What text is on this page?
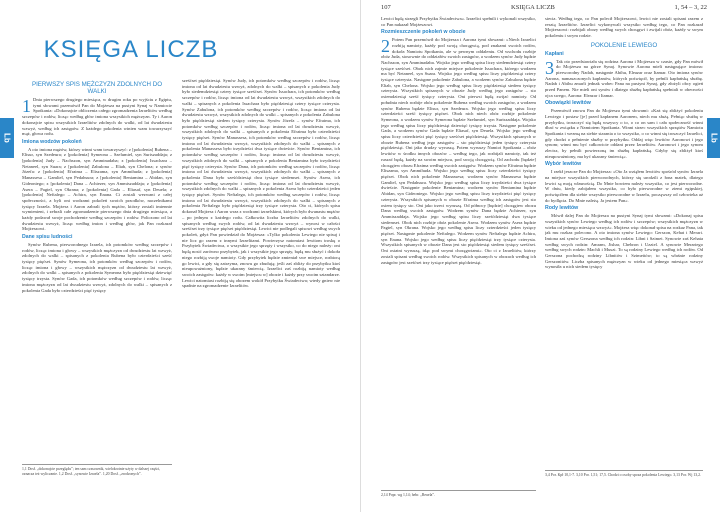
Lb
KSIĘGA LICZB
PIERWSZY SPIS MĘŻCZYZN ZDOLNYCH DO WALKI

1 Dnia pierwszego drugiego miesiąca, w drugim roku po wyjściu z Egiptu, tymi słowami przemówił Pan do Mojżesza na pustyni Synaj w Namiocie Spotkania: »Dokonajcie obliczenia całego zgromadzenia Izraelitów według szczepów i rodów, licząc według głów imiona wszystkich mężczyzn. Ty i Aaron dokonajcie spisu wszystkich Izraelitów zdolnych do walki, od lat dwudziestu wzwyż, według ich zastępów. Z każdego pokolenia winien wam towarzyszyć mąż, głowa rodu.

Imiona wodzów pokoleń

A oto imiona mężów, którzy winni wam towarzyszyć: z [pokolenia] Rubena – Elisur, syn Szedeura; z [pokolenia] Symeona – Szelumiel, syn Suriszaddaja; z [pokolenia] Judy – Nachszon, syn Amminadaba; z [pokolenia] Issachara – Netaneel, syn Suara; z [pokolenia] Zabulona – Eliab, syn Chelona; z synów Józefa: z [pokolenia] Efraima – Eliszama, syn Ammihuda; z [pokolenia] Manassesa – Gamliel, syn Pedahsura; z [pokolenia] Beniamina – Abidan, syn Gideoniego; z [pokolenia] Dana – Achiezer, syn Ammiszaddaja; z [pokolenia] Asera – Pagiel, syn Okrana; z [pokolenia] Gada – Eliasaf, syn Deuela; z [pokolenia] Neftalego – Achira, syn Enana. Ci zostali wezwani z całej społeczności, a byli oni wodzami pokoleń swoich przodków, naczelnikami tysięcy Izraela. Mojżesz i Aaron zabrali tych mężów, którzy zostali imiennie wymienieni, i zebrali całe zgromadzenie pierwszego dnia drugiego miesiąca, a każdy podawał swoje pochodzenie według szczepów i rodów. Policzono od lat dwudziestu wzwyż, licząc według imion i według głów, jak Pan rozkazał Mojżeszowi.

Dane spisu ludności

Synów Rubena, pierworodnego Izraela, ich potomków według szczepów i rodów, licząc imiona i głowy – wszystkich mężczyzn od dwudziestu lat wzwyż, zdolnych do walki – spisanych z pokolenia Rubena było czterdzieści sześć tysięcy pięćset. Synów Symeona, ich potomków według szczepów i rodów, licząc imiona i głowy – wszystkich mężczyzn od dwudziestu lat wzwyż, zdolnych do walki – spisanych z pokolenia Symeona było pięćdziesiąt dziewięć tysięcy trzysta. Synów Gada, ich potomków według szczepów i rodów, licząc imiona mężczyzn od lat dwudziestu wzwyż, zdolnych do walki – spisanych z pokolenia Gada było czterdzieści pięć tysięcy

sześćset pięćdziesiąt. Synów Judy, ich potomków według szczepów i rodów, licząc imiona od lat dwudziestu wzwyż, zdolnych do walki – spisanych z pokolenia Judy było siedemdziesiąt cztery tysiące sześćset. Synów Issachara, ich potomków według szczepów i rodów, licząc imiona od lat dwudziestu wzwyż, wszystkich zdolnych do walki – spisanych z pokolenia Issachara było pięćdziesiąt cztery tysiące czterysta. Synów Zabulona, ich potomków według szczepów i rodów, licząc imiona od lat dwudziestu wzwyż, wszystkich zdolnych do walki – spisanych z pokolenia Zabulona było pięćdziesiąt siedem tysięcy czterysta. Synów Józefa – synów Efraima, ich potomków według szczepów i rodów, licząc imiona od lat dwudziestu wzwyż, wszystkich zdolnych do walki – spisanych z pokolenia Efraima było czterdzieści tysięcy pięćset. Synów Manassesa, ich potomków według szczepów i rodów, licząc imiona od lat dwudziestu wzwyż, wszystkich zdolnych do walki – spisanych z pokolenia Manassesa było trzydzieści dwa tysiące dwieście. Synów Beniamina, ich potomków według szczepów i rodów, licząc imiona od lat dwudziestu wzwyż, wszystkich zdolnych do walki – spisanych z pokolenia Beniamina było trzydzieści pięć tysięcy czterysta. Synów Dana, ich potomków według szczepów i rodów, licząc imiona od lat dwudziestu wzwyż, wszystkich zdolnych do walki – spisanych z pokolenia Dana było sześćdziesiąt dwa tysiące siedemset. Synów Asera, ich potomków według szczepów i rodów, licząc imiona od lat dwudziestu wzwyż, wszystkich zdolnych do walki – spisanych z pokolenia Asera było czterdzieści jeden tysięcy pięćset. Synów Neftalego, ich potomków według szczepów i rodów, licząc imiona od lat dwudziestu wzwyż, wszystkich zdolnych do walki – spisanych z pokolenia Neftalego było pięćdziesiąt trzy tysiące czterysta. Oto ci, których spisu dokonał Mojżesz i Aaron wraz z wodzami izraelskimi, których było dwunastu mężów – po jednym z każdego rodu. Całkowita liczba Izraelitów zdolnych do walki, spisanych według swych rodów, od lat dwudziestu wzwyż – wynosi w całości sześćset trzy tysiące pięćset pięćdziesiąt. Lewici nie podlegali spisowi według swych pokoleń, gdyż Pan powiedział do Mojżesza: »Tylko pokolenia Lewiego nie spisuj i nie licz go razem z innymi Izraelitami. Powierzysz natomiast lewitom troskę o Przybytek Świadectwa, o wszystkie jego sprzęty i wszystko, co do niego należy: oni będą nosić zarówno przybytek, jak i wszystkie jego sprzęty, będą mu służyć i dokoła niego rozbiją swoje namioty. Gdy przybytek będzie zmieniał swe miejsce, rozbiorą go lewici, a gdy się zatrzyma, znowu go zbudują; jeśli zaś zbliży do przybytku ktoś nieupoważniony, będzie ukarany śmiercią. Izraelici zaś rozbiją namioty według swoich zastępów: każdy w swoim [miejscu w] obozie i każdy przy swoim sztandarze. Lewici natomiast rozbiją się obozem wokół Przybytku Świadectwa; wtedy gniew nie spadnie na zgromadzenie Izraelitów.

1,1 Dosł. „dokonajcie przeglądu”; ten sam czasownik, wielokrotnie użyty w dalszej części, oznacza też wyliczanie. 1,2 Dosł. „synowie Izraela”. 1,20 Dosł. „zrodzonych”.
107	KSIĘGA LICZB	1, 54 – 3, 22
Lb

Lewici będą strzegli Przybytku Świadectwa«. Izraelici spełnili i wykonali wszystko, co Pan nakazał Mojżeszowi.

Rozmieszczenie pokoleń w obozie

2 Potem Pan przemówił do Mojżesza i Aarona tymi słowami: »Niech Izraelici rozbiją namioty, każdy pod swoją chorągwią, pod znakami swoich rodów, dokoła Namiotu Spotkania, ale w pewnym oddaleniu. Od wschodu rozbije obóz Juda, stosownie do oddziałów swoich zastępów, a wodzem synów Judy będzie Nachszon, syn Amminadaba. Wojsko jego według spisu liczy siedemdziesiąt cztery tysiące sześćset. Obok nich zajmie miejsce pokolenie Issachara, którego wodzem ma być Netaneel, syn Suara. Wojsko jego według spisu liczy pięćdziesiąt cztery tysiące czterysta. Następne pokolenie Zabulona, a wodzem synów Zabulona będzie Eliab, syn Chelona. Wojsko jego według spisu liczy pięćdziesiąt siedem tysięcy czterysta. Wszystkich spisanych w obozie Judy według jego zastępów – sto osiemdziesiąt sześć tysięcy czterysta. Oni pierwsi będą zwijać namioty. Od południa niech rozbije obóz pokolenie Rubena według swoich zastępów, a wodzem synów Rubena będzie Elisur, syn Szedeura. Wojsko jego według spisu liczy czterdzieści sześć tysięcy pięćset. Obok nich niech obóz rozbije pokolenie Symeona, a wodzem synów Symeona będzie Szelumiel, syn Suriszaddaja. Wojsko jego według spisu liczy pięćdziesiąt dziewięć tysięcy trzysta. Następne pokolenie Gada, a wodzem synów Gada będzie Eliasaf, syn Deuela. Wojsko jego według spisu liczy czterdzieści pięć tysięcy sześćset pięćdziesiąt. Wszystkich spisanych w obozie Rubena według jego zastępów – sto pięćdziesiąt jeden tysięcy czterysta pięćdziesiąt. Oni jako drudzy wyruszą. Potem wyruszy Namiot Spotkania – obóz lewitów w środku innych obozów – według tego, jak rozbijali namioty, tak też ruszać będą, każdy na swoim miejscu, pod swoją chorągwią. Od zachodu [będzie] chorągiew obozu Efraima według swoich zastępów. Wodzem synów Efraima będzie Eliszama, syn Ammihuda. Wojsko jego według spisu liczy czterdzieści tysięcy pięćset. Obok nich pokolenie Manassesa; wodzem synów Manassesa będzie Gamliel, syn Pedahsura. Wojsko jego według spisu liczy trzydzieści dwa tysiące dwieście. Następnie pokolenie Beniamina; wodzem synów Beniamina będzie Abidan, syn Gideoniego. Wojsko jego według spisu liczy trzydzieści pięć tysięcy czterysta. Wszystkich spisanych w obozie Efraima według ich zastępów jest sto osiem tysięcy sto. Oni jako trzeci wyruszą. Od północy [będzie] chorągiew obozu Dana według swoich zastępów. Wodzem synów Dana będzie Achiezer, syn Ammiszaddaja. Wojsko jego według spisu liczy sześćdziesiąt dwa tysiące siedemset. Obok nich rozbije obóz pokolenie Asera. Wodzem synów Asera będzie Pagiel, syn Okrana. Wojsko jego według spisu liczy czterdzieści jeden tysięcy pięćset. Następnie pokolenie Neftalego. Wodzem synów Neftalego będzie Achira, syn Enana. Wojsko jego według spisu liczy pięćdziesiąt trzy tysiące czterysta. Wszystkich spisanych w obozie Dana jest sto pięćdziesiąt siedem tysięcy sześćset. Oni ostatni wyruszą, idąc pod swymi chorągwiami«. Oto ci z Izraelitów, którzy zostali spisani według swoich rodów. Wszystkich spisanych w obozach według ich zastępów jest sześćset trzy tysiące pięćset pięćdziesiąt.

2,14 Popr. wg 1,14; hebr. „Reuela”.

siecia. Według tego, co Pan polecił Mojżeszowi, lewici nie zostali spisani razem z resztą Izraelitów. Izraelici wykonywali wszystko według tego, co Pan rozkazał Mojżeszowi: rozbijali obozy według swych chorągwi i zwijali obóz, każdy w swym pokoleniu i swym rodzie.

POKOLENIE LEWIEGO
Kapłani

3 Tak oto przedstawiała się rodzina Aarona i Mojżesza w czasie, gdy Pan mówił do Mojżesza na górze Synaj. Synowie Aarona mieli następujące imiona: pierworodny Nadab, następnie Abihu, Eleazar oraz Itamar. Oto imiona synów Aarona, namaszczonych kapłanów, których poświęcił, by pełnili kapłańską służbę. Nadab i Abihu zmarli jednak wobec Pana na pustyni Synaj, gdy złożyli obcy ogień przed Panem. Nie mieli oni synów i dlatego służbę kapłańską spełniali w obecności ojca swego, Aarona: Eleazar i Itamar.

Obowiązki lewitów

Przemówił znowu Pan do Mojżesza tymi słowami: »Każ się zbliżyć pokoleniu Lewiego i postaw [je] przed kapłanem Aaronem, niech mu służą. Pełniąc służbę w przybytku, troszczyć się będą wszyscy o to, o co on sam i cała społeczność winni dbać w związku z Namiotem Spotkania. Winni strzec wszystkich sprzętów Namiotu Spotkania i wezmą na siebie starania o to wszystko, o co winni się troszczyć Izraelici, gdy chodzi o pełnienie służby w przybytku. Oddaj więc lewitów Aaronowi i jego synom; winni mu być całkowicie oddani przez Izraelitów. Aaronowi i jego synom zlecisz, by pełnili powierzoną im służbę kapłańską. Gdyby się zbliżył ktoś nieupoważniony, ma być ukarany śmiercią«.

Wybór lewitów

I rzekł jeszcze Pan do Mojżesza: »Oto Ja wziąłem lewitów spośród synów Izraela na miejsce wszystkich pierworodnych, którzy się urodzili z łona matek, dlatego lewici są moją własnością. Do Mnie bowiem należy wszystko, co jest pierworodne. W dniu, kiedy zabijałem wszystko, co było pierworodne w ziemi egipskiej, poświęciłem dla siebie wszystko pierworodne w Izraelu, począwszy od człowieka aż do bydlęcia. Do Mnie należą. Ja jestem Pan«.

Rody lewitów

Mówił dalej Pan do Mojżesza na pustyni Synaj tymi słowami: »Dokonaj spisu wszystkich synów Lewiego według ich rodów i szczepów; wszystkich mężczyzn w wieku od jednego miesiąca wzwyż«. Mojżesz więc dokonał spisu na rozkaz Pana, tak jak mu rozkaz polecono. A oto imiona synów Lewiego: Gerszon, Kehat i Merari. Imiona zaś synów Gerszona według ich rodzin: Libni i Szimei. Synowie zaś Kehata według swych rodzin: Amram, Jishar, Chebron i Uzziel. A synowie Merariego według swych rodzin: Machli i Muszi. To są rodziny Lewiego według ich rodów. Od Gerszona pochodzą rodziny Libnitów i Szimeitów; to są właśnie rodziny Gerszonitów. Liczba spisanych mężczyzn w wieku od jednego miesiąca wzwyż wynosiła u nich siedem tysięcy

3,4 Por. Kpł 10,1-7. 3,10 Por. 1,51; 17,5. Chodzi o osoby spoza pokolenia Lewiego. 3,13 Por. Wj 13,2.
